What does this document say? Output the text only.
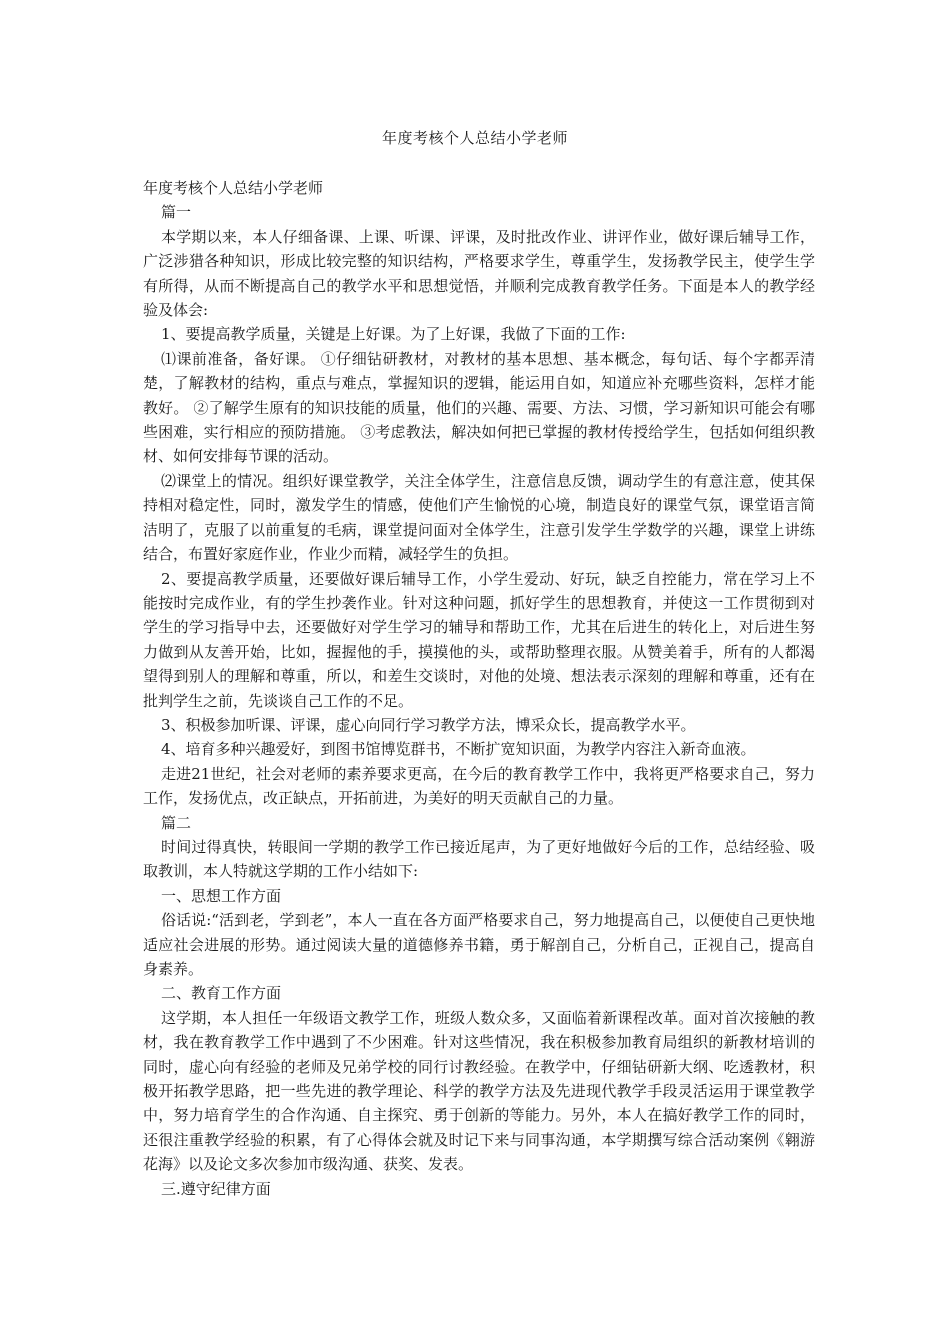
年度考核个人总结小学老师

年度考核个人总结小学老师

篇一

本学期以来，本人仔细备课、上课、听课、评课，及时批改作业、讲评作业，做好课后辅导工作，广泛涉猎各种知识，形成比较完整的知识结构，严格要求学生，尊重学生，发扬教学民主，使学生学有所得，从而不断提高自己的教学水平和思想觉悟，并顺利完成教育教学任务。下面是本人的教学经验及体会:

1、要提高教学质量，关键是上好课。为了上好课，我做了下面的工作:

⑴课前准备，备好课。 ①仔细钻研教材，对教材的基本思想、基本概念，每句话、每个字都弄清楚，了解教材的结构，重点与难点，掌握知识的逻辑，能运用自如，知道应补充哪些资料，怎样才能教好。 ②了解学生原有的知识技能的质量，他们的兴趣、需要、方法、习惯，学习新知识可能会有哪些困难，实行相应的预防措施。 ③考虑教法，解决如何把已掌握的教材传授给学生，包括如何组织教材、如何安排每节课的活动。

⑵课堂上的情况。组织好课堂教学，关注全体学生，注意信息反馈，调动学生的有意注意，使其保持相对稳定性，同时，激发学生的情感，使他们产生愉悦的心境，制造良好的课堂气氛，课堂语言简洁明了，克服了以前重复的毛病，课堂提问面对全体学生，注意引发学生学数学的兴趣，课堂上讲练结合，布置好家庭作业，作业少而精，减轻学生的负担。

2、要提高教学质量，还要做好课后辅导工作，小学生爱动、好玩，缺乏自控能力，常在学习上不能按时完成作业，有的学生抄袭作业。针对这种问题，抓好学生的思想教育，并使这一工作贯彻到对学生的学习指导中去，还要做好对学生学习的辅导和帮助工作，尤其在后进生的转化上，对后进生努力做到从友善开始，比如，握握他的手，摸摸他的头，或帮助整理衣服。从赞美着手，所有的人都渴望得到别人的理解和尊重，所以，和差生交谈时，对他的处境、想法表示深刻的理解和尊重，还有在批判学生之前，先谈谈自己工作的不足。

3、积极参加听课、评课，虚心向同行学习教学方法，博采众长，提高教学水平。

4、培育多种兴趣爱好，到图书馆博览群书，不断扩宽知识面，为教学内容注入新奇血液。

走进21世纪，社会对老师的素养要求更高，在今后的教育教学工作中，我将更严格要求自己，努力工作，发扬优点，改正缺点，开拓前进，为美好的明天贡献自己的力量。

篇二

时间过得真快，转眼间一学期的教学工作已接近尾声，为了更好地做好今后的工作，总结经验、吸取教训，本人特就这学期的工作小结如下:

一、思想工作方面

俗话说:“活到老，学到老”，本人一直在各方面严格要求自己，努力地提高自己，以便使自己更快地适应社会进展的形势。通过阅读大量的道德修养书籍，勇于解剖自己，分析自己，正视自己，提高自身素养。

二、教育工作方面

这学期，本人担任一年级语文教学工作，班级人数众多，又面临着新课程改革。面对首次接触的教材，我在教育教学工作中遇到了不少困难。针对这些情况，我在积极参加教育局组织的新教材培训的同时，虚心向有经验的老师及兄弟学校的同行讨教经验。在教学中，仔细钻研新大纲、吃透教材，积极开拓教学思路，把一些先进的教学理论、科学的教学方法及先进现代教学手段灵活运用于课堂教学中，努力培育学生的合作沟通、自主探究、勇于创新的等能力。另外，本人在搞好教学工作的同时，还很注重教学经验的积累，有了心得体会就及时记下来与同事沟通，本学期撰写综合活动案例《翱游花海》以及论文多次参加市级沟通、获奖、发表。

三.遵守纪律方面
